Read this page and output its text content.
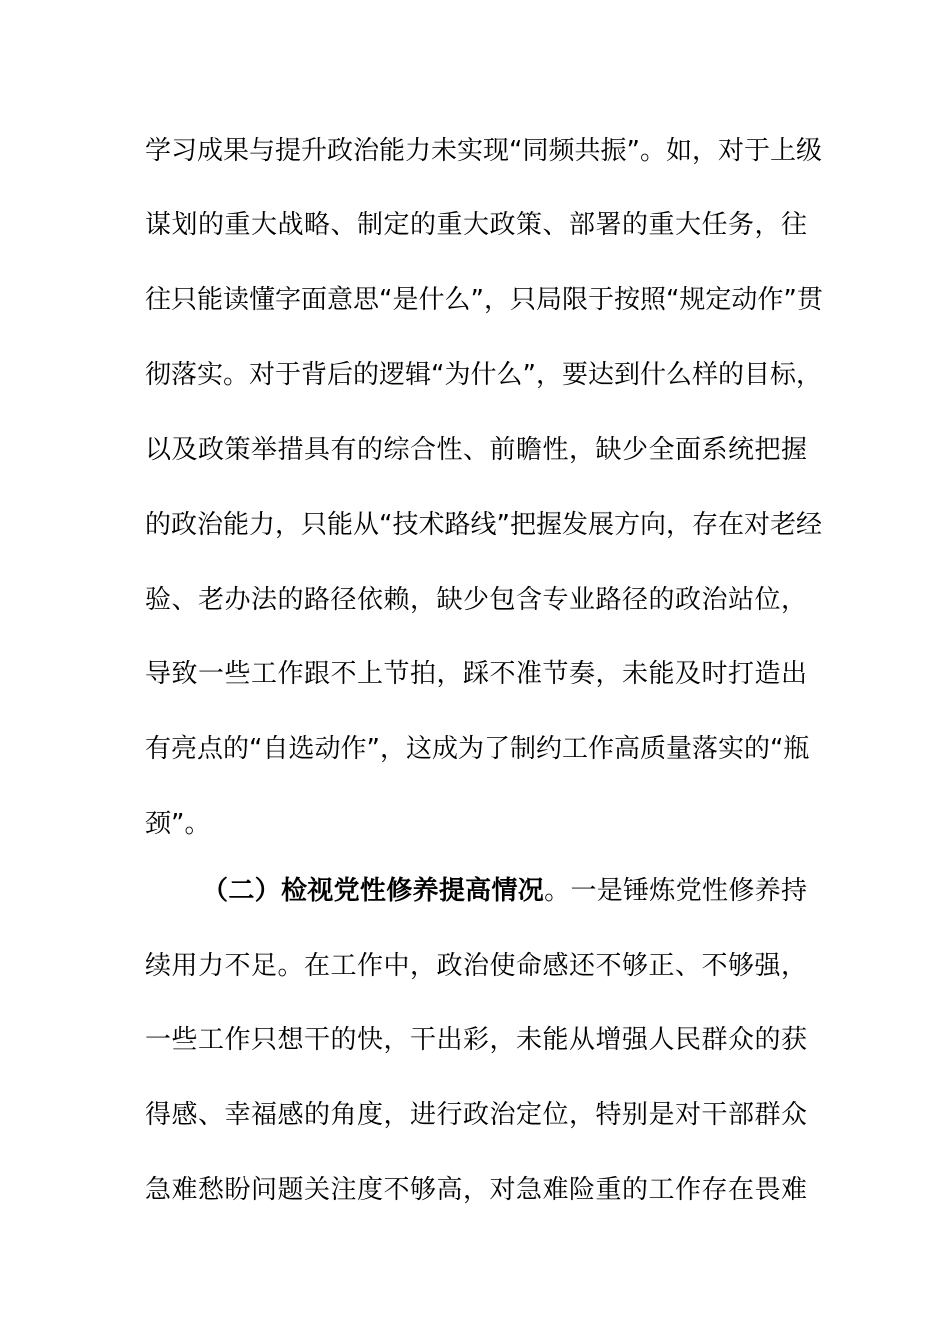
学习成果与提升政治能力未实现“同频共振”。如，对于上级
谋划的重大战略、制定的重大政策、部署的重大任务，往
往只能读懂字面意思“是什么”，只局限于按照“规定动作”贯
彻落实。对于背后的逻辑“为什么”，要达到什么样的目标，
以及政策举措具有的综合性、前瞻性，缺少全面系统把握
的政治能力，只能从“技术路线”把握发展方向，存在对老经
验、老办法的路径依赖，缺少包含专业路径的政治站位，
导致一些工作跟不上节拍，踩不准节奏，未能及时打造出
有亮点的“自选动作”，这成为了制约工作高质量落实的“瓶
颈”。
（二）检视党性修养提高情况。一是锤炼党性修养持
续用力不足。在工作中，政治使命感还不够正、不够强，
一些工作只想干的快，干出彩，未能从增强人民群众的获
得感、幸福感的角度，进行政治定位，特别是对干部群众
急难愁盼问题关注度不够高，对急难险重的工作存在畏难
